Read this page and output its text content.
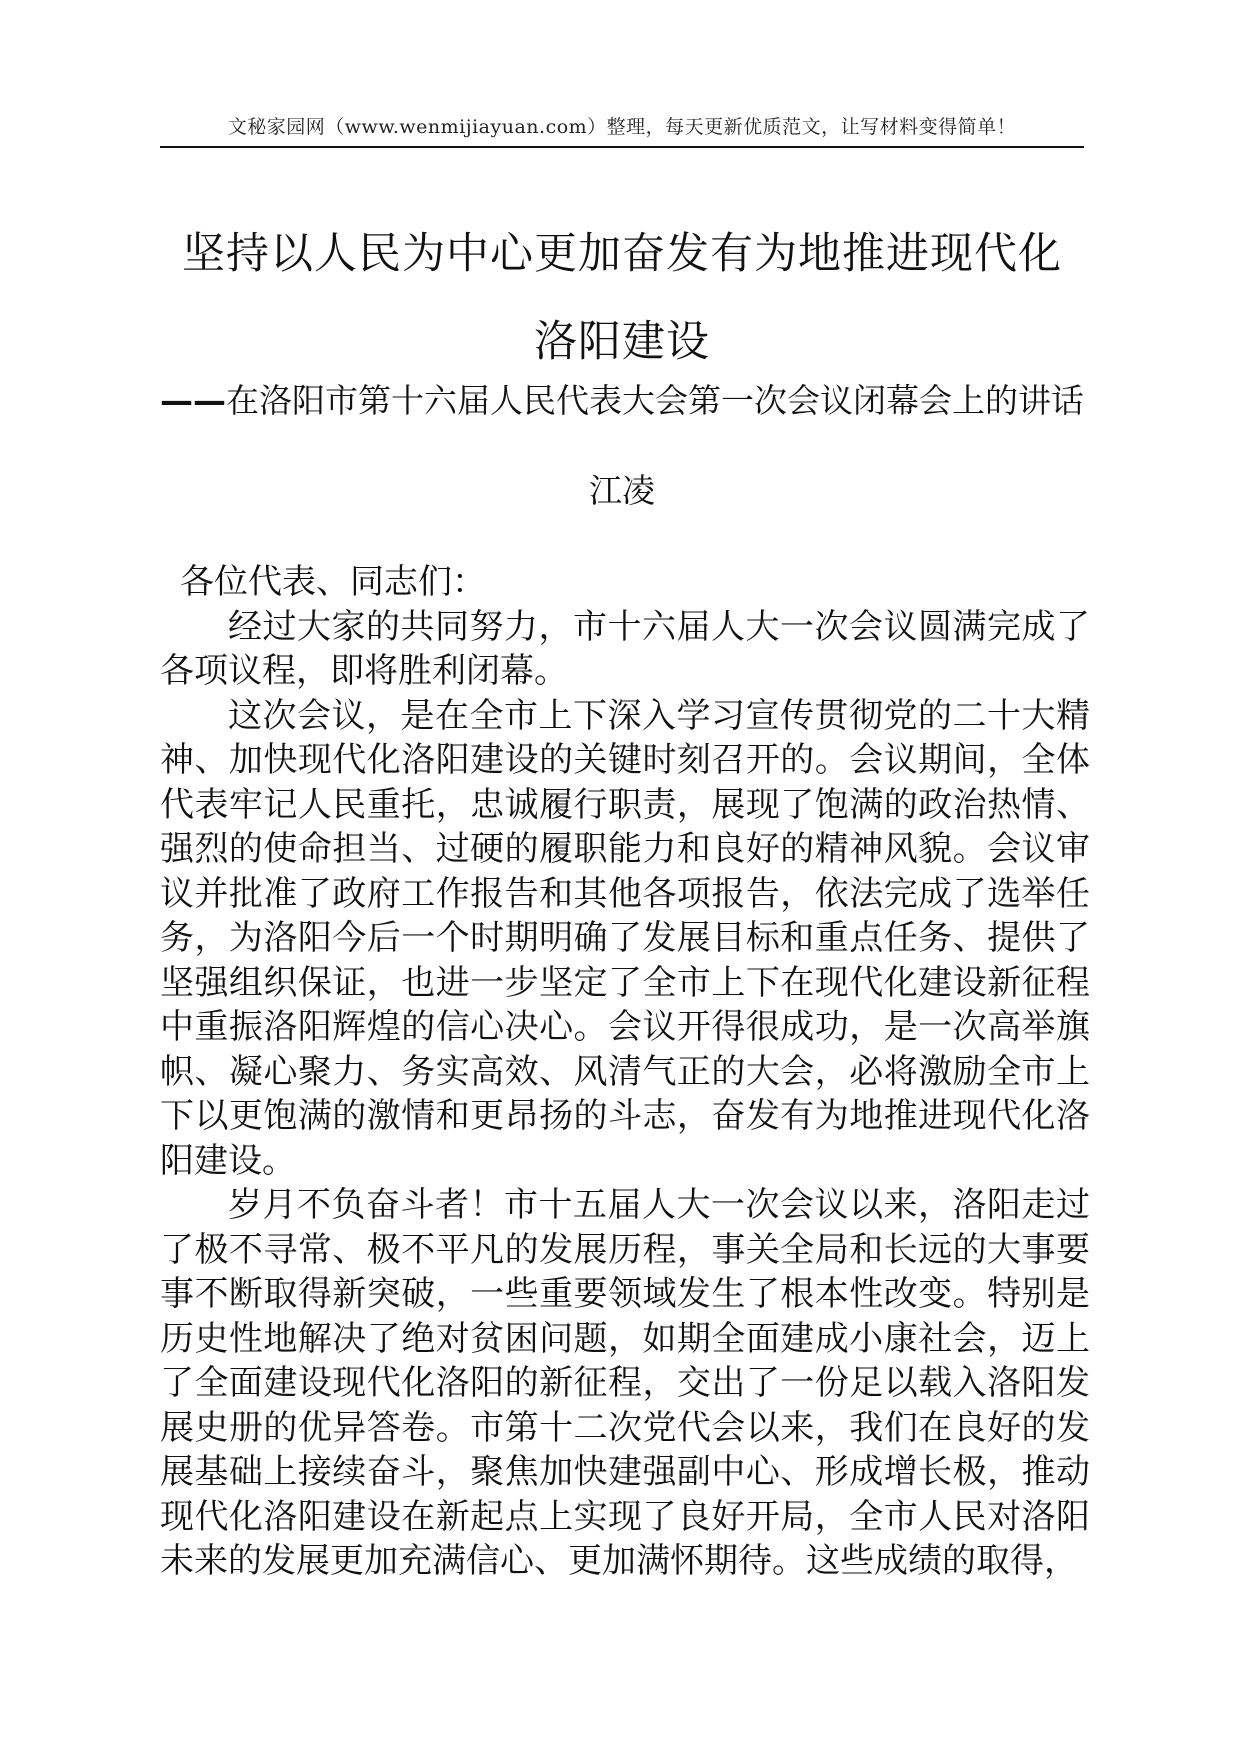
文秘家园网（www.wenmijiayuan.com）整理，每天更新优质范文，让写材料变得简单！
坚持以人民为中心更加奋发有为地推进现代化
洛阳建设
——在洛阳市第十六届人民代表大会第一次会议闭幕会上的讲话
江凌

各位代表、同志们：

经过大家的共同努力，市十六届人大一次会议圆满完成了各项议程，即将胜利闭幕。

这次会议，是在全市上下深入学习宣传贯彻党的二十大精神、加快现代化洛阳建设的关键时刻召开的。会议期间，全体代表牢记人民重托，忠诚履行职责，展现了饱满的政治热情、强烈的使命担当、过硬的履职能力和良好的精神风貌。会议审议并批准了政府工作报告和其他各项报告，依法完成了选举任务，为洛阳今后一个时期明确了发展目标和重点任务、提供了坚强组织保证，也进一步坚定了全市上下在现代化建设新征程中重振洛阳辉煌的信心决心。会议开得很成功，是一次高举旗帜、凝心聚力、务实高效、风清气正的大会，必将激励全市上下以更饱满的激情和更昂扬的斗志，奋发有为地推进现代化洛阳建设。

岁月不负奋斗者！市十五届人大一次会议以来，洛阳走过了极不寻常、极不平凡的发展历程，事关全局和长远的大事要事不断取得新突破，一些重要领域发生了根本性改变。特别是历史性地解决了绝对贫困问题，如期全面建成小康社会，迈上了全面建设现代化洛阳的新征程，交出了一份足以载入洛阳发展史册的优异答卷。市第十二次党代会以来，我们在良好的发展基础上接续奋斗，聚焦加快建强副中心、形成增长极，推动现代化洛阳建设在新起点上实现了良好开局，全市人民对洛阳未来的发展更加充满信心、更加满怀期待。这些成绩的取得，
